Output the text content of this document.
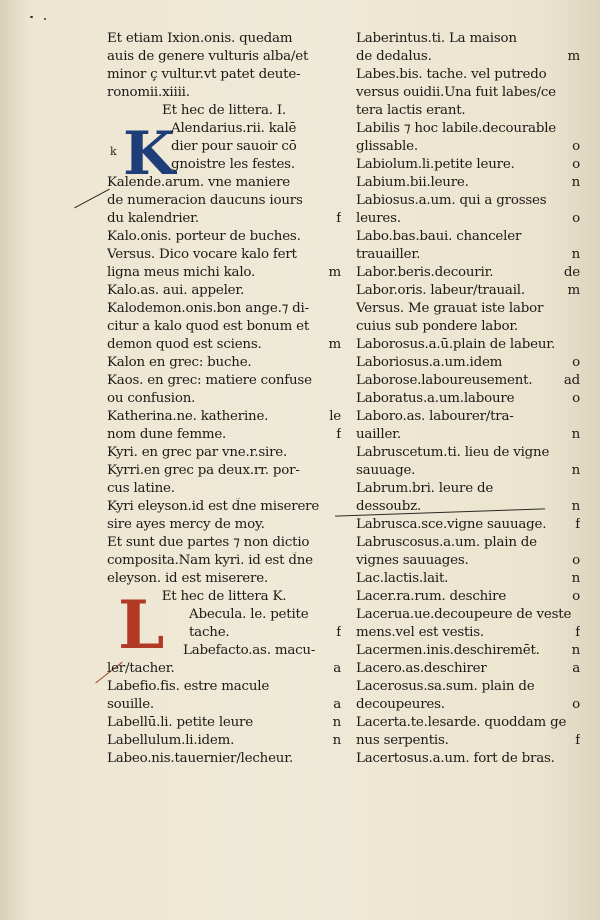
K
k
L
Et etiam Ixion.onis. quedam
auis de genere vulturis alba/et
minor ç vultur.vt patet deute-
ronomii.xiiii.
Et hec de littera. I.
Alendarius.rii. kalē
dier pour sauoir cō
gnoistre les festes.
Kalende.arum. vne maniere
de numeracion daucuns iours
du kalendrier.	f
Kalo.onis. porteur de buches.
Versus. Dico vocare kalo fert
ligna meus michi kalo.	m
Kalo.as. aui. appeler.
Kalodemon.onis.bon ange.⁊ di-
citur a kalo quod est bonum et
demon quod est sciens.	m
Kalon en grec: buche.
Kaos. en grec: matiere confuse
ou confusion.
Katherina.ne. katherine.	le
nom dune femme.	f
Kyri. en grec par vne.r.sire.
Kyrri.en grec pa deux.rr. por-
cus latine.
Kyri eleyson.id est d̃ne miserere
sire ayes mercy de moy.
Et sunt due partes ⁊ non dictio
composita.Nam kyri. id est d̃ne
eleyson. id est miserere.
Et hec de littera K.
Abecula. le. petite
tache.	f
Labefacto.as. macu-
ler/tacher.	a
Labefio.fis. estre macule
souille.	a
Labellū.li. petite leure	n
Labellulum.li.idem.	n
Labeo.nis.tauernier/lecheur.
Laberintus.ti. La maison
de dedalus.	m
Labes.bis. tache. vel putredo
versus ouidii.Una fuit labes/ce
tera lactis erant.
Labilis ⁊ hoc labile.decourable
glissable.	o
Labiolum.li.petite leure.	o
Labium.bii.leure.	n
Labiosus.a.um. qui a grosses
leures.	o
Labo.bas.baui. chanceler
trauailler.	n
Labor.beris.decourir.	de
Labor.oris. labeur/trauail.	m
Versus. Me grauat iste labor
cuius sub pondere labor.
Laborosus.a.ū.plain de labeur.
Laboriosus.a.um.idem	o
Laborose.laboureusement. ad
Laboratus.a.um.laboure	o
Laboro.as. labourer/tra-
uailler.	n
Labruscetum.ti. lieu de vigne
sauuage.	n
Labrum.bri. leure de
dessoubz.	n
Labrusca.sce.vigne sauuage. f
Labruscosus.a.um. plain de
vignes sauuages.	o
Lac.lactis.lait.	n
Lacer.ra.rum. deschire	o
Lacerua.ue.decoupeure de veste
mens.vel est vestis.	f
Lacermen.inis.deschiremēt. n
Lacero.as.deschirer	a
Lacerosus.sa.sum. plain de
decoupeures.	o
Lacerta.te.lesarde. quoddam ge
nus serpentis.	f
Lacertosus.a.um. fort de bras.
